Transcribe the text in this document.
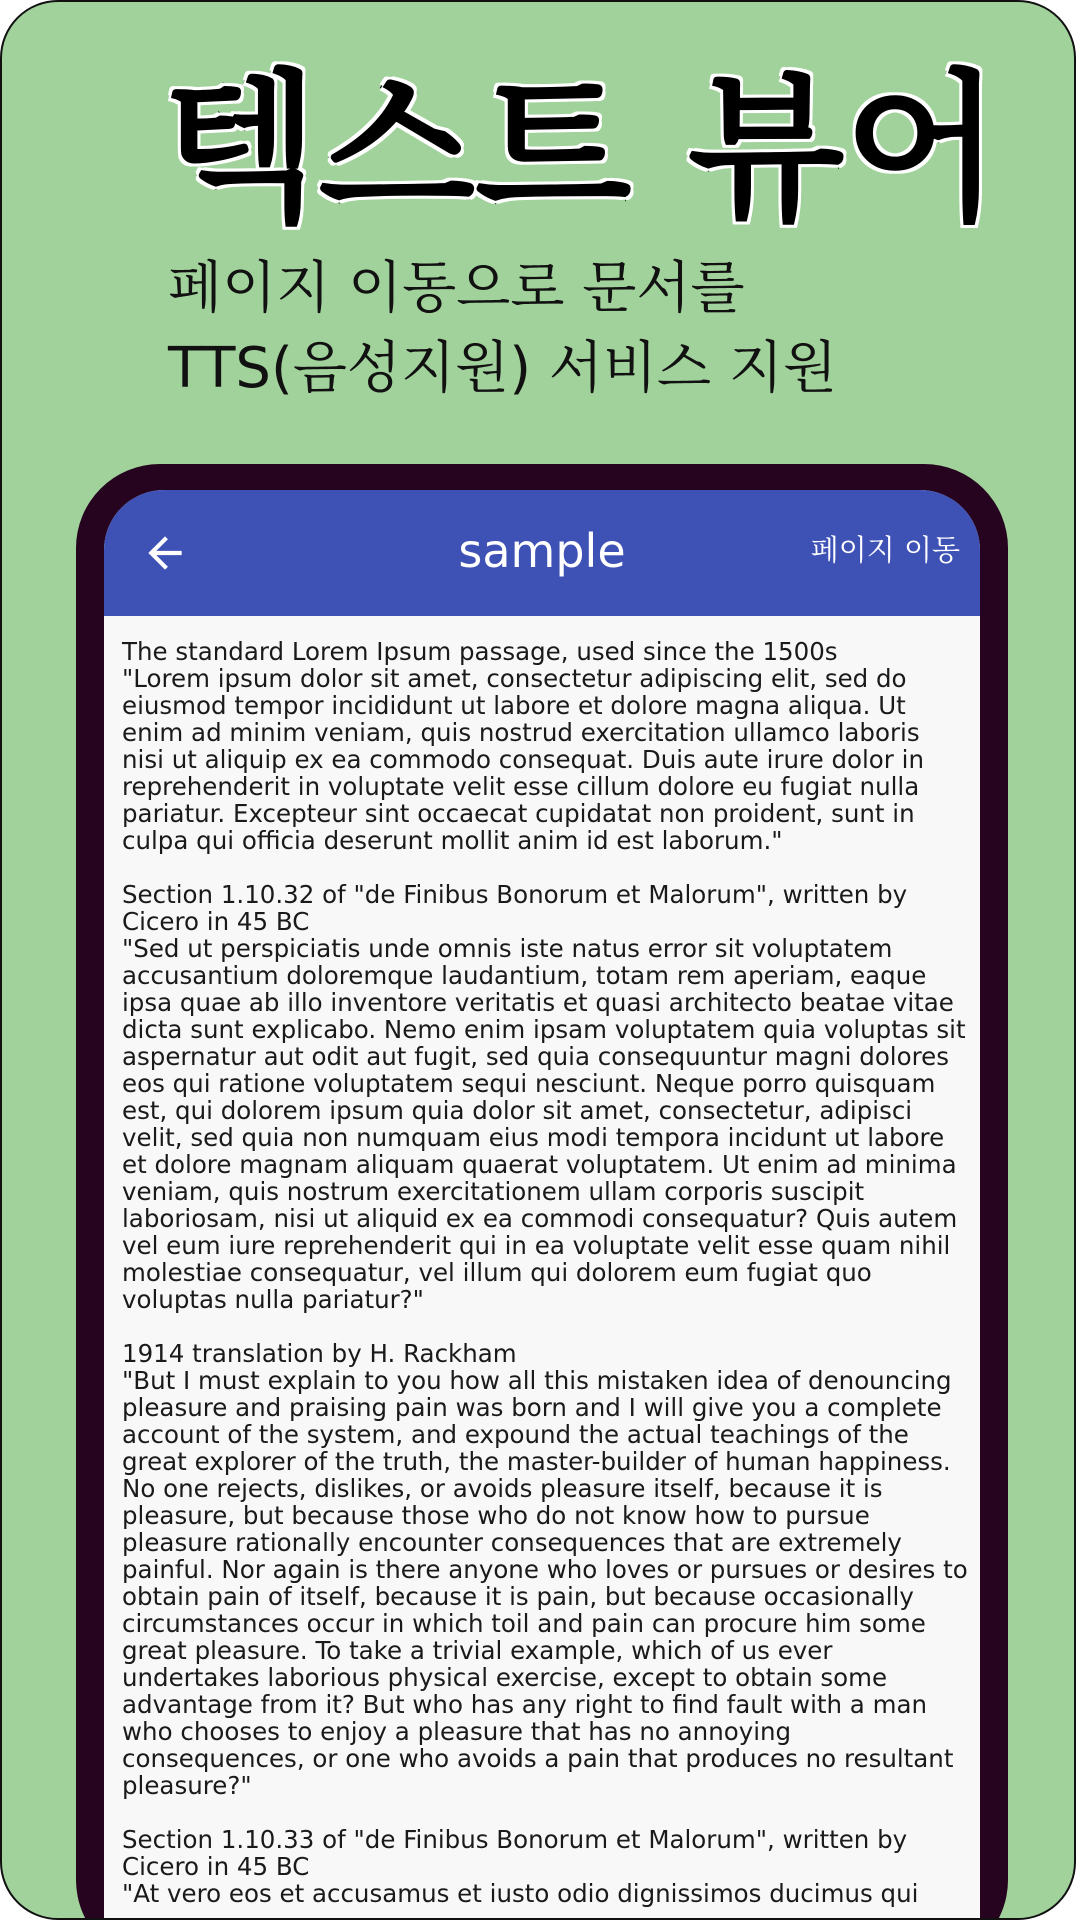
텍스트 뷰어

페이지 이동으로 문서를

TTS(음성지원) 서비스 지원

sample	페이지 이동

The standard Lorem Ipsum passage, used since the 1500s
"Lorem ipsum dolor sit amet, consectetur adipiscing elit, sed do eiusmod tempor incididunt ut labore et dolore magna aliqua. Ut enim ad minim veniam, quis nostrud exercitation ullamco laboris nisi ut aliquip ex ea commodo consequat. Duis aute irure dolor in reprehenderit in voluptate velit esse cillum dolore eu fugiat nulla pariatur. Excepteur sint occaecat cupidatat non proident, sunt in culpa qui officia deserunt mollit anim id est laborum."

Section 1.10.32 of "de Finibus Bonorum et Malorum", written by Cicero in 45 BC
"Sed ut perspiciatis unde omnis iste natus error sit voluptatem accusantium doloremque laudantium, totam rem aperiam, eaque ipsa quae ab illo inventore veritatis et quasi architecto beatae vitae dicta sunt explicabo. Nemo enim ipsam voluptatem quia voluptas sit aspernatur aut odit aut fugit, sed quia consequuntur magni dolores eos qui ratione voluptatem sequi nesciunt. Neque porro quisquam est, qui dolorem ipsum quia dolor sit amet, consectetur, adipisci velit, sed quia non numquam eius modi tempora incidunt ut labore et dolore magnam aliquam quaerat voluptatem. Ut enim ad minima veniam, quis nostrum exercitationem ullam corporis suscipit laboriosam, nisi ut aliquid ex ea commodi consequatur? Quis autem vel eum iure reprehenderit qui in ea voluptate velit esse quam nihil molestiae consequatur, vel illum qui dolorem eum fugiat quo voluptas nulla pariatur?"

1914 translation by H. Rackham
"But I must explain to you how all this mistaken idea of denouncing pleasure and praising pain was born and I will give you a complete account of the system, and expound the actual teachings of the great explorer of the truth, the master-builder of human happiness. No one rejects, dislikes, or avoids pleasure itself, because it is pleasure, but because those who do not know how to pursue pleasure rationally encounter consequences that are extremely painful. Nor again is there anyone who loves or pursues or desires to obtain pain of itself, because it is pain, but because occasionally circumstances occur in which toil and pain can procure him some great pleasure. To take a trivial example, which of us ever undertakes laborious physical exercise, except to obtain some advantage from it? But who has any right to find fault with a man who chooses to enjoy a pleasure that has no annoying consequences, or one who avoids a pain that produces no resultant pleasure?"

Section 1.10.33 of "de Finibus Bonorum et Malorum", written by Cicero in 45 BC
"At vero eos et accusamus et iusto odio dignissimos ducimus qui
